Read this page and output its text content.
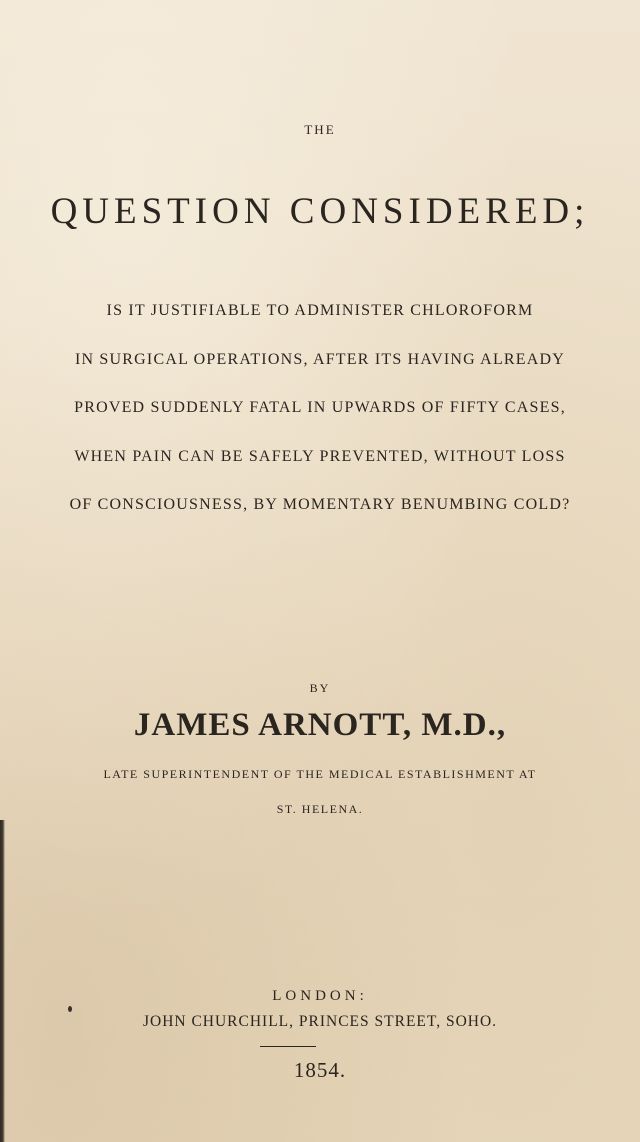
THE
QUESTION CONSIDERED;
IS IT JUSTIFIABLE TO ADMINISTER CHLOROFORM
IN SURGICAL OPERATIONS, AFTER ITS HAVING ALREADY
PROVED SUDDENLY FATAL IN UPWARDS OF FIFTY CASES,
WHEN PAIN CAN BE SAFELY PREVENTED, WITHOUT LOSS
OF CONSCIOUSNESS, BY MOMENTARY BENUMBING COLD?
BY
JAMES ARNOTT, M.D.,
LATE SUPERINTENDENT OF THE MEDICAL ESTABLISHMENT AT
ST. HELENA.
LONDON:
JOHN CHURCHILL, PRINCES STREET, SOHO.
1854.
